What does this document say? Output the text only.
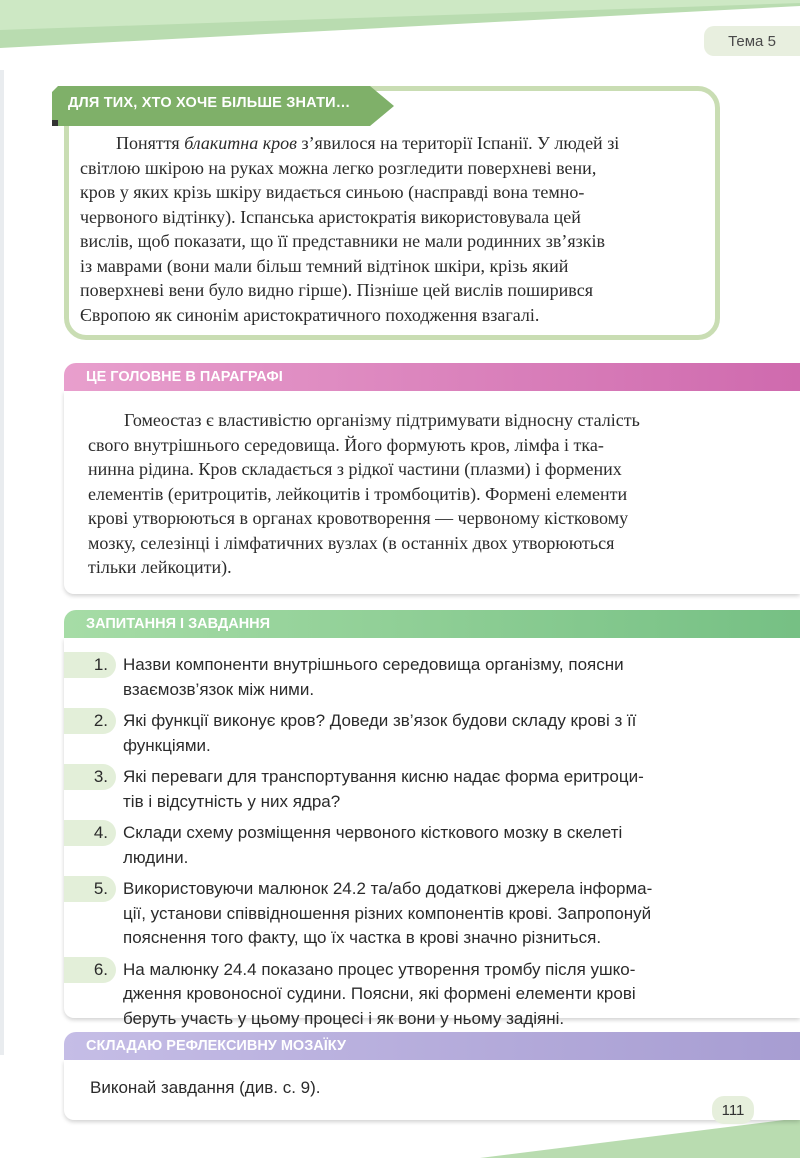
Тема 5
ДЛЯ ТИХ, ХТО ХОЧЕ БІЛЬШЕ ЗНАТИ…
Поняття блакитна кров з’явилося на території Іспанії. У людей зі
світлою шкірою на руках можна легко розгледити поверхневі вени,
кров у яких крізь шкіру видається синьою (насправді вона темно-
червоного відтінку). Іспанська аристократія використовувала цей
вислів, щоб показати, що її представники не мали родинних зв’язків
із маврами (вони мали більш темний відтінок шкіри, крізь який
поверхневі вени було видно гірше). Пізніше цей вислів поширився
Європою як синонім аристократичного походження взагалі.
ЦЕ ГОЛОВНЕ В ПАРАГРАФІ
Гомеостаз є властивістю організму підтримувати відносну сталість
свого внутрішнього середовища. Його формують кров, лімфа і тка-
нинна рідина. Кров складається з рідкої частини (плазми) і формених
елементів (еритроцитів, лейкоцитів і тромбоцитів). Формені елементи
крові утворюються в органах кровотворення — червоному кістковому
мозку, селезінці і лімфатичних вузлах (в останніх двох утворюються
тільки лейкоцити).
ЗАПИТАННЯ І ЗАВДАННЯ
1. Назви компоненти внутрішнього середовища організму, поясни
взаємозв’язок між ними.
2. Які функції виконує кров? Доведи зв’язок будови складу крові з її
функціями.
3. Які переваги для транспортування кисню надає форма еритроци-
тів і відсутність у них ядра?
4. Склади схему розміщення червоного кісткового мозку в скелеті
людини.
5. Використовуючи малюнок 24.2 та/або додаткові джерела інформа-
ції, установи співвідношення різних компонентів крові. Запропонуй
пояснення того факту, що їх частка в крові значно різниться.
6. На малюнку 24.4 показано процес утворення тромбу після ушко-
дження кровоносної судини. Поясни, які формені елементи крові
беруть участь у цьому процесі і як вони у ньому задіяні.
СКЛАДАЮ РЕФЛЕКСИВНУ МОЗАЇКУ
Виконай завдання (див. с. 9).
111
